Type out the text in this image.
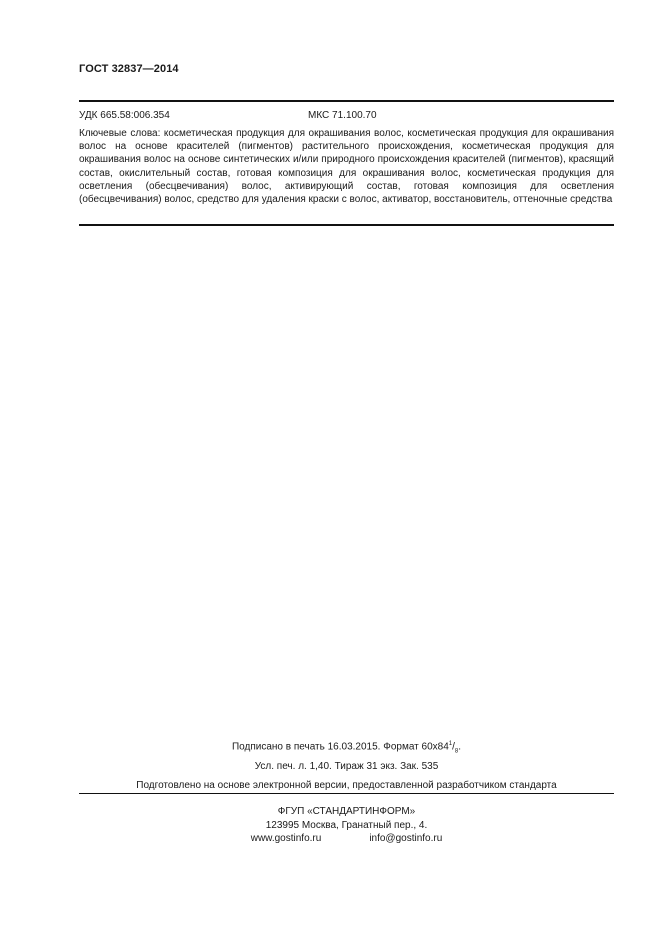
ГОСТ 32837—2014
УДК 665.58:006.354	МКС 71.100.70
Ключевые слова: косметическая продукция для окрашивания волос, косметическая продукция для окрашивания волос на основе красителей (пигментов) растительного происхождения, косметическая продукция для окрашивания волос на основе синтетических и/или природного происхождения красителей (пигментов), красящий состав, окислительный состав, готовая композиция для окрашивания волос, косметическая продукция для осветления (обесцвечивания) волос, активирующий состав, готовая композиция для осветления (обесцвечивания) волос, средство для удаления краски с волос, активатор, восстановитель, оттеночные средства
Подписано в печать 16.03.2015. Формат $60х84^1/_8$.
Усл. печ. л. 1,40. Тираж 31 экз. Зак. 535
Подготовлено на основе электронной версии, предоставленной разработчиком стандарта
ФГУП «СТАНДАРТИНФОРМ»
123995 Москва, Гранатный пер., 4.
www.gostinfo.ru	info@gostinfo.ru
